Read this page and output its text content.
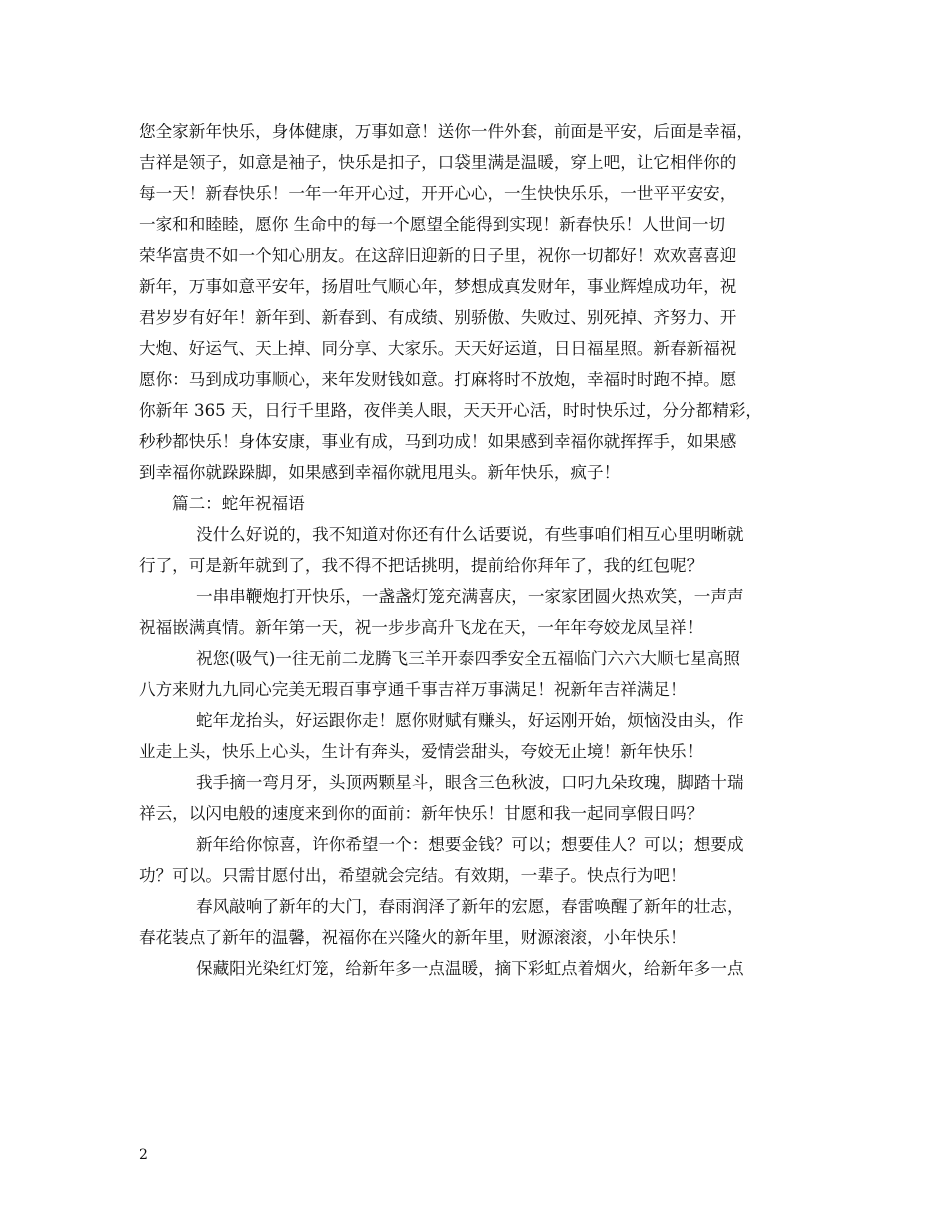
您全家新年快乐，身体健康，万事如意！送你一件外套，前面是平安，后面是幸福，
吉祥是领子，如意是袖子，快乐是扣子，口袋里满是温暖，穿上吧，让它相伴你的
每一天！新春快乐！一年一年开心过，开开心心，一生快快乐乐，一世平平安安，
一家和和睦睦，愿你 生命中的每一个愿望全能得到实现！新春快乐！人世间一切
荣华富贵不如一个知心朋友。在这辞旧迎新的日子里，祝你一切都好！欢欢喜喜迎
新年，万事如意平安年，扬眉吐气顺心年，梦想成真发财年，事业辉煌成功年，祝
君岁岁有好年！新年到、新春到、有成绩、别骄傲、失败过、别死掉、齐努力、开
大炮、好运气、天上掉、同分享、大家乐。天天好运道，日日福星照。新春新福祝
愿你：马到成功事顺心，来年发财钱如意。打麻将时不放炮，幸福时时跑不掉。愿
你新年 365 天，日行千里路，夜伴美人眼，天天开心活，时时快乐过，分分都精彩，
秒秒都快乐！身体安康，事业有成，马到功成！如果感到幸福你就挥挥手，如果感
到幸福你就跺跺脚，如果感到幸福你就甩甩头。新年快乐，疯子！
篇二：蛇年祝福语
没什么好说的，我不知道对你还有什么话要说，有些事咱们相互心里明晰就
行了，可是新年就到了，我不得不把话挑明，提前给你拜年了，我的红包呢？
一串串鞭炮打开快乐，一盏盏灯笼充满喜庆，一家家团圆火热欢笑，一声声
祝福嵌满真情。新年第一天，祝一步步高升飞龙在天，一年年夸姣龙凤呈祥！
祝您(吸气)一往无前二龙腾飞三羊开泰四季安全五福临门六六大顺七星高照
八方来财九九同心完美无瑕百事亨通千事吉祥万事满足！祝新年吉祥满足！
蛇年龙抬头，好运跟你走！愿你财赋有赚头，好运刚开始，烦恼没由头，作
业走上头，快乐上心头，生计有奔头，爱情尝甜头，夸姣无止境！新年快乐！
我手摘一弯月牙，头顶两颗星斗，眼含三色秋波，口叼九朵玫瑰，脚踏十瑞
祥云，以闪电般的速度来到你的面前：新年快乐！甘愿和我一起同享假日吗？
新年给你惊喜，许你希望一个：想要金钱？可以；想要佳人？可以；想要成
功？可以。只需甘愿付出，希望就会完结。有效期，一辈子。快点行为吧！
春风敲响了新年的大门，春雨润泽了新年的宏愿，春雷唤醒了新年的壮志，
春花装点了新年的温馨，祝福你在兴隆火的新年里，财源滚滚，小年快乐！
保藏阳光染红灯笼，给新年多一点温暖，摘下彩虹点着烟火，给新年多一点
2
